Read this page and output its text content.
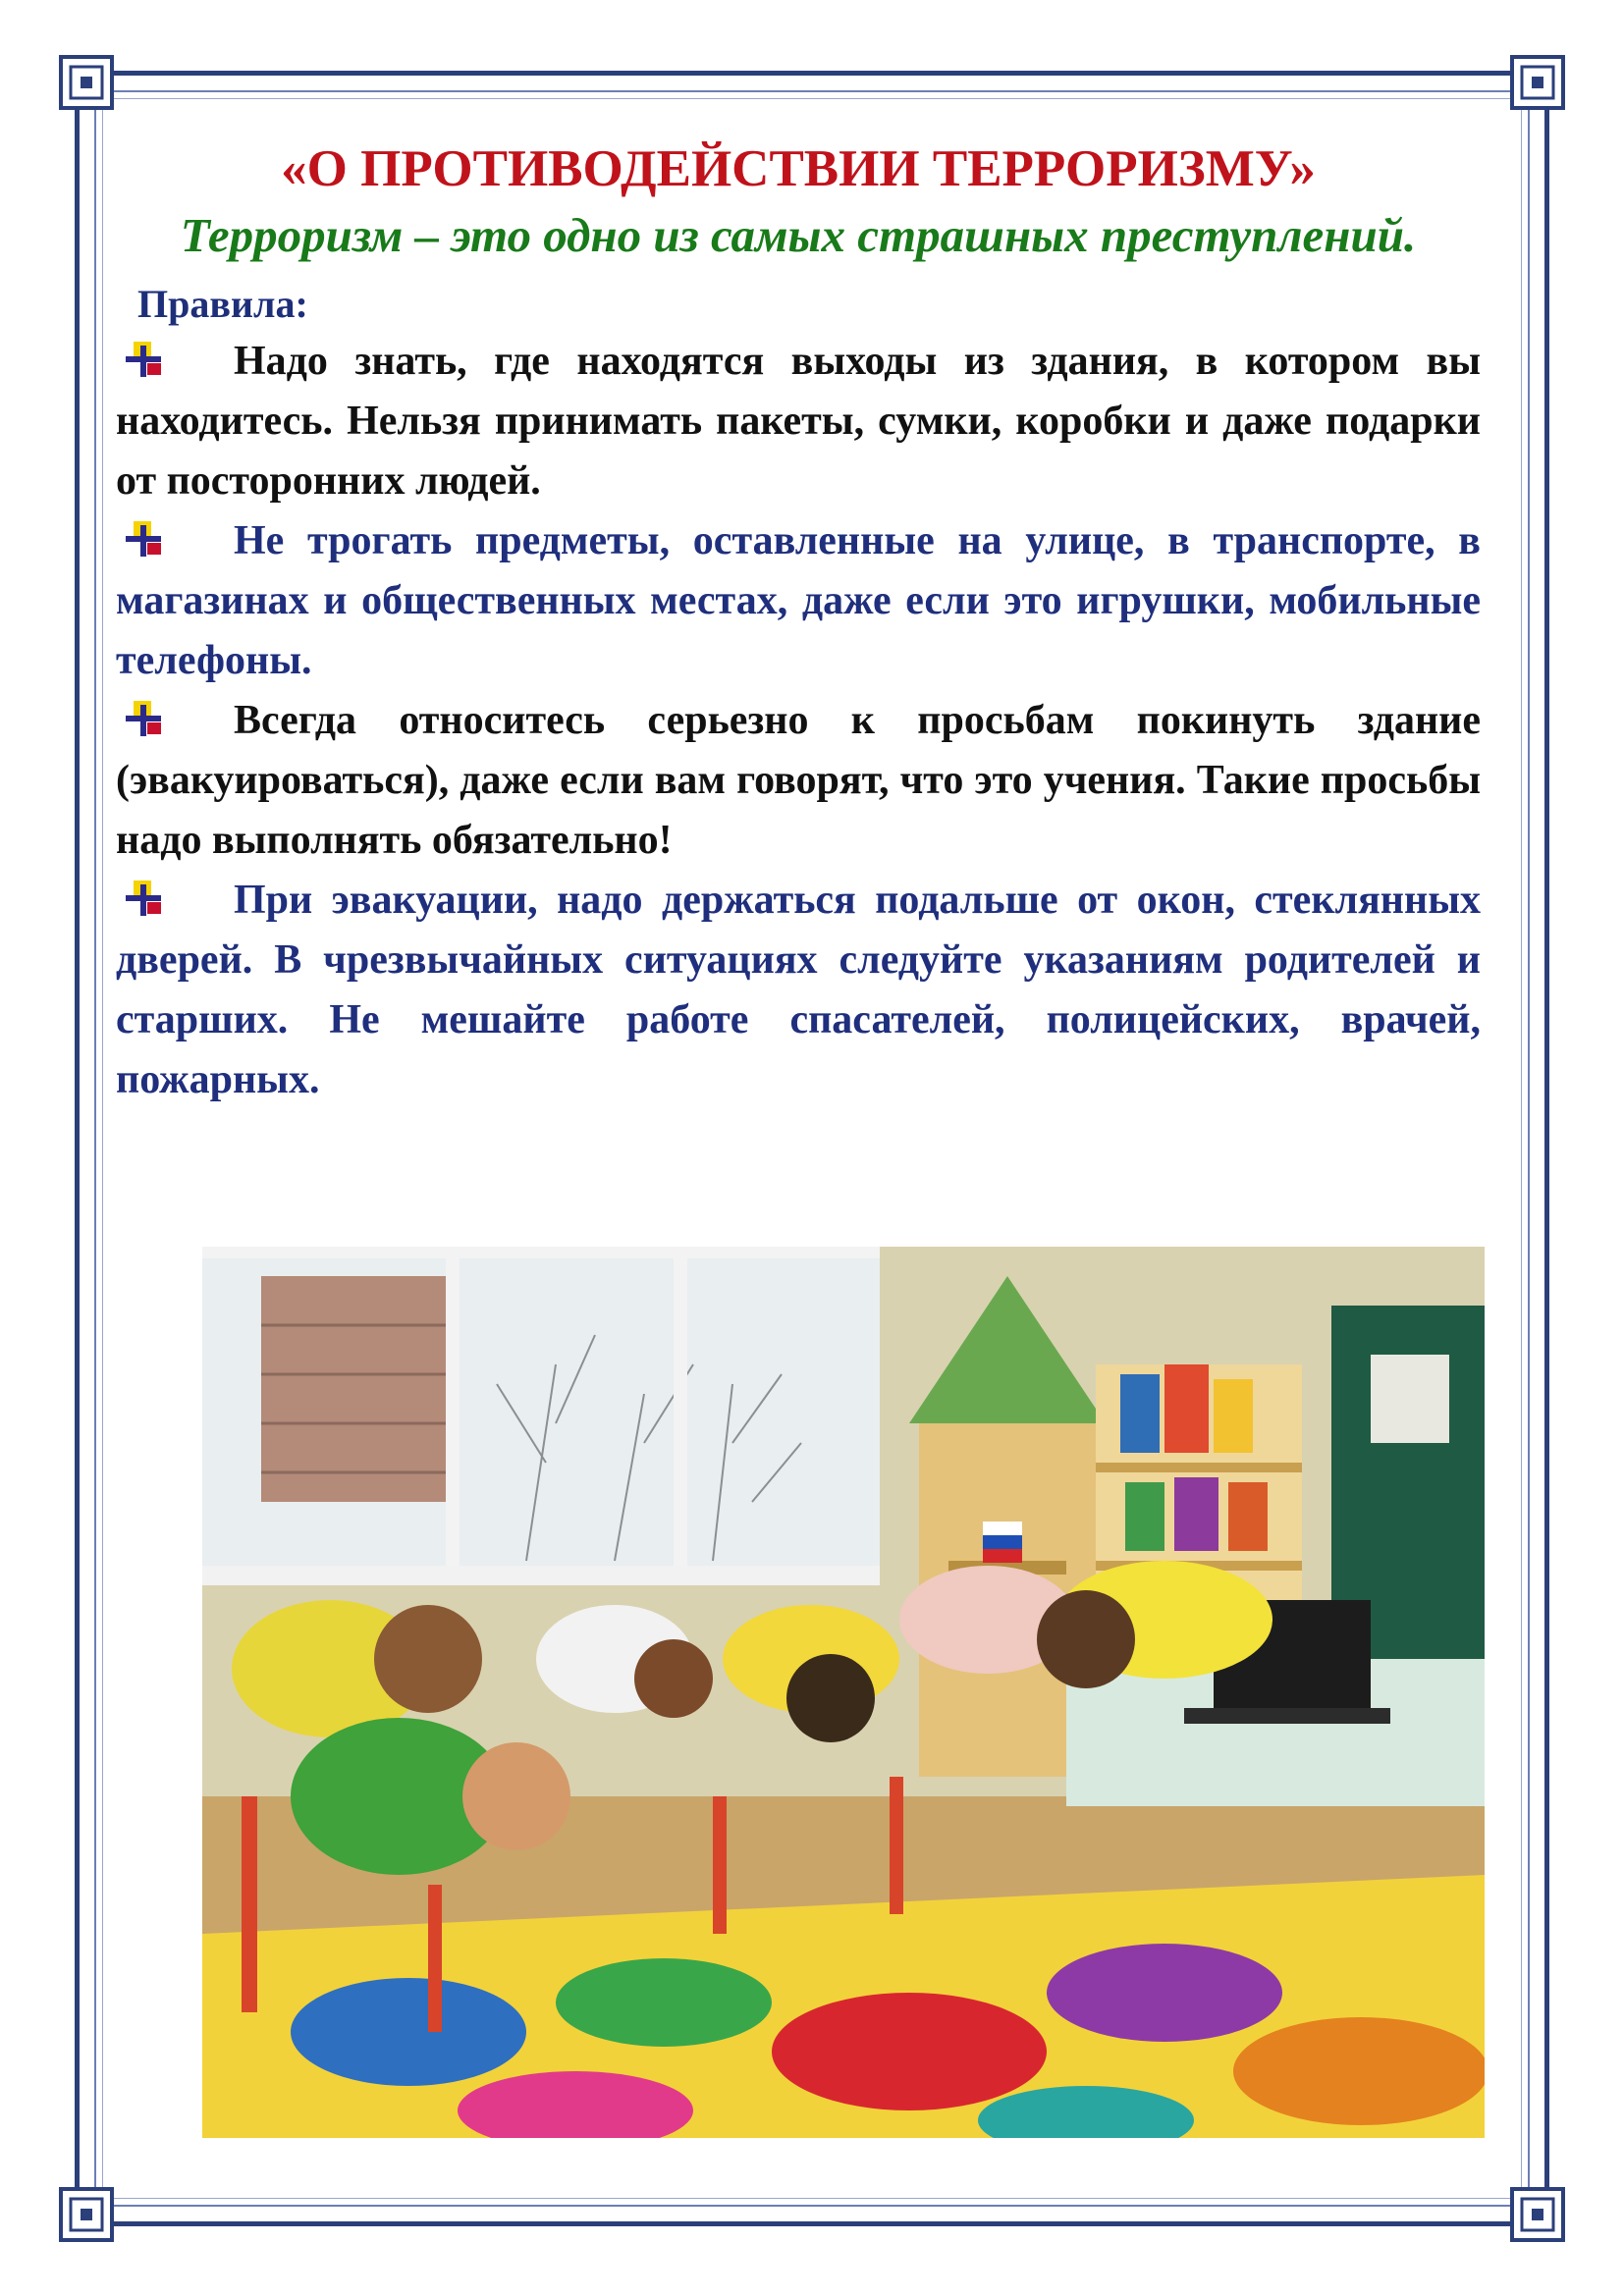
«О ПРОТИВОДЕЙСТВИИ ТЕРРОРИЗМУ»

Терроризм – это одно из самых страшных преступлений.

Правила:

Надо знать, где находятся выходы из здания, в котором вы находитесь. Нельзя принимать пакеты, сумки, коробки и даже подарки от посторонних людей.

Не трогать предметы, оставленные на улице, в транспорте, в магазинах и общественных местах, даже если это игрушки, мобильные телефоны.

Всегда относитесь серьезно к просьбам покинуть здание (эвакуироваться), даже если вам говорят, что это учения. Такие просьбы надо выполнять обязательно!

При эвакуации, надо держаться подальше от окон, стеклянных дверей. В чрезвычайных ситуациях следуйте указаниям родителей и старших. Не мешайте работе спасателей, полицейских, врачей, пожарных.
